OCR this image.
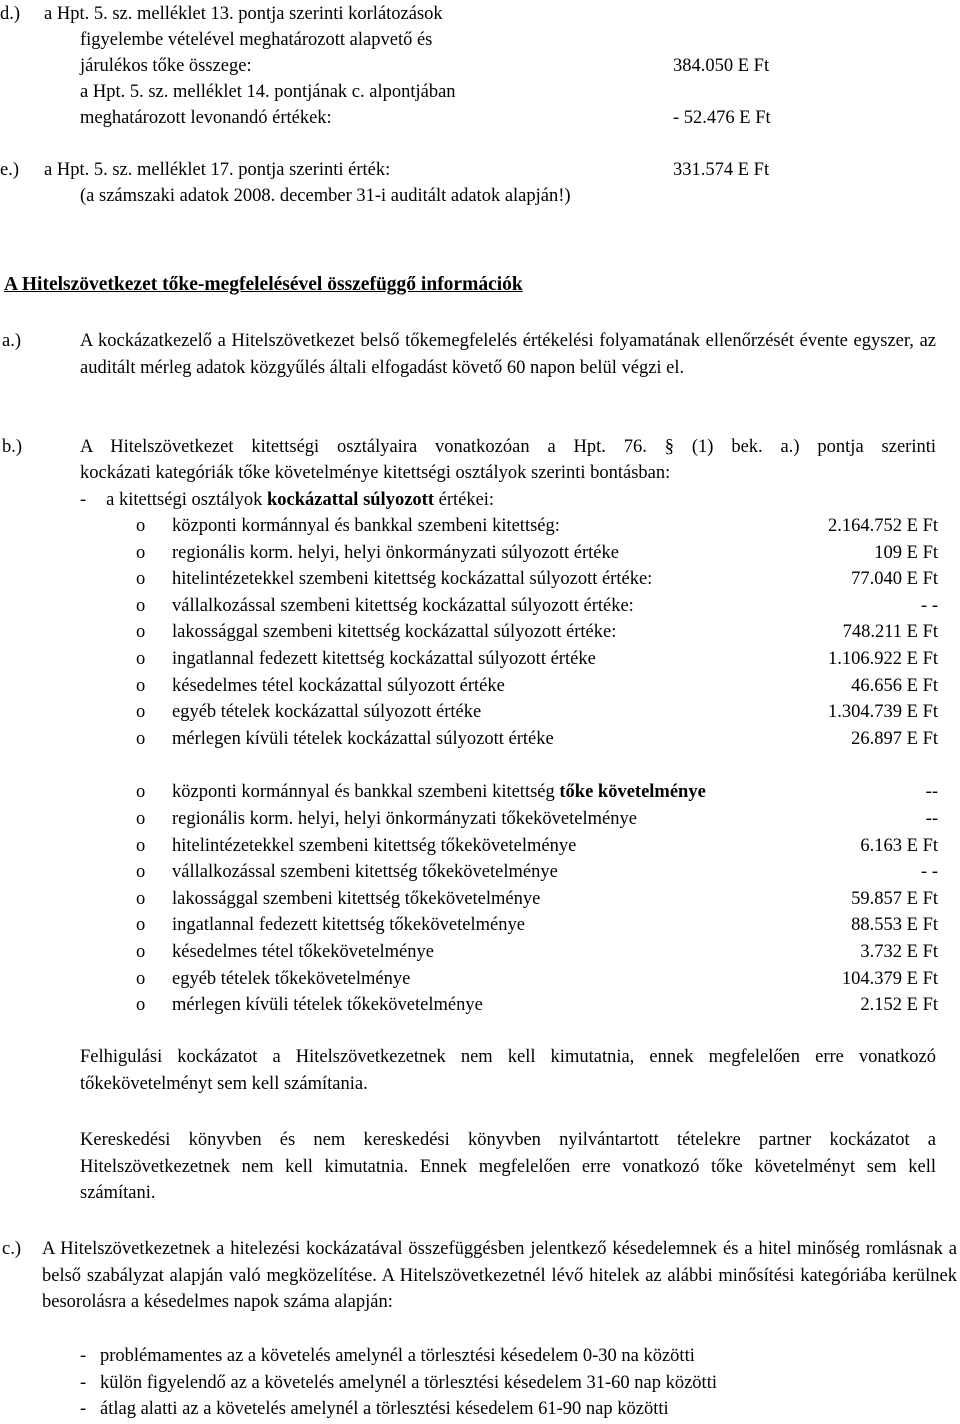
d.) a Hpt. 5. sz. melléklet 13. pontja szerinti korlátozások
figyelembe vételével meghatározott alapvető és
járulékos tőke összege:	384.050 E Ft
a Hpt. 5. sz. melléklet 14. pontjának c. alpontjában
meghatározott levonandó értékek:	- 52.476 E Ft
e.) a Hpt. 5. sz. melléklet 17. pontja szerinti érték:	331.574 E Ft
(a számszaki adatok 2008. december 31-i auditált adatok alapján!)
A Hitelszövetkezet tőke-megfelelésével összefüggő információk
a.)	A kockázatkezelő a Hitelszövetkezet belső tőkemegfelelés értékelési folyamatának ellenőrzését évente egyszer, az auditált mérleg adatok közgyűlés általi elfogadást követő 60 napon belül végzi el.
b.)	A Hitelszövetkezet kitettségi osztályaira vonatkozóan a Hpt. 76. § (1) bek. a.) pontja szerinti
kockázati kategóriák tőke követelménye kitettségi osztályok szerinti bontásban:
- a kitettségi osztályok kockázattal súlyozott értékei:
o központi kormánnyal és bankkal szembeni kitettség:	2.164.752 E Ft
o regionális korm. helyi, helyi önkormányzati súlyozott értéke	109 E Ft
o hitelintézetekkel szembeni kitettség kockázattal súlyozott értéke:	77.040 E Ft
o vállalkozással szembeni kitettség kockázattal súlyozott értéke:	- -
o lakossággal szembeni kitettség kockázattal súlyozott értéke:	748.211 E Ft
o ingatlannal fedezett kitettség kockázattal súlyozott értéke	1.106.922 E Ft
o késedelmes tétel kockázattal súlyozott értéke	46.656 E Ft
o egyéb tételek kockázattal súlyozott értéke	1.304.739 E Ft
o mérlegen kívüli tételek kockázattal súlyozott értéke	26.897 E Ft
o központi kormánnyal és bankkal szembeni kitettség tőke követelménye	--
o regionális korm. helyi, helyi önkormányzati tőkekövetelménye	--
o hitelintézetekkel szembeni kitettség tőkekövetelménye	6.163 E Ft
o vállalkozással szembeni kitettség tőkekövetelménye	- -
o lakossággal szembeni kitettség tőkekövetelménye	59.857 E Ft
o ingatlannal fedezett kitettség tőkekövetelménye	88.553 E Ft
o késedelmes tétel tőkekövetelménye	3.732 E Ft
o egyéb tételek tőkekövetelménye	104.379 E Ft
o mérlegen kívüli tételek tőkekövetelménye	2.152 E Ft
Felhigulási kockázatot a Hitelszövetkezetnek nem kell kimutatnia, ennek megfelelően erre vonatkozó tőkekövetelményt sem kell számítania.
Kereskedési könyvben és nem kereskedési könyvben nyilvántartott tételekre partner kockázatot a Hitelszövetkezetnek nem kell kimutatnia. Ennek megfelelően erre vonatkozó tőke követelményt sem kell számítani.
c.) A Hitelszövetkezetnek a hitelezési kockázatával összefüggésben jelentkező késedelemnek és a hitel minőség romlásnak a belső szabályzat alapján való megközelítése. A Hitelszövetkezetnél lévő hitelek az alábbi minősítési kategóriába kerülnek besorolásra a késedelmes napok száma alapján:
- problémamentes az a követelés amelynél a törlesztési késedelem 0-30 na közötti
- külön figyelendő az a követelés amelynél a törlesztési késedelem 31-60 nap közötti
- átlag alatti az a követelés amelynél a törlesztési késedelem 61-90 nap közötti
